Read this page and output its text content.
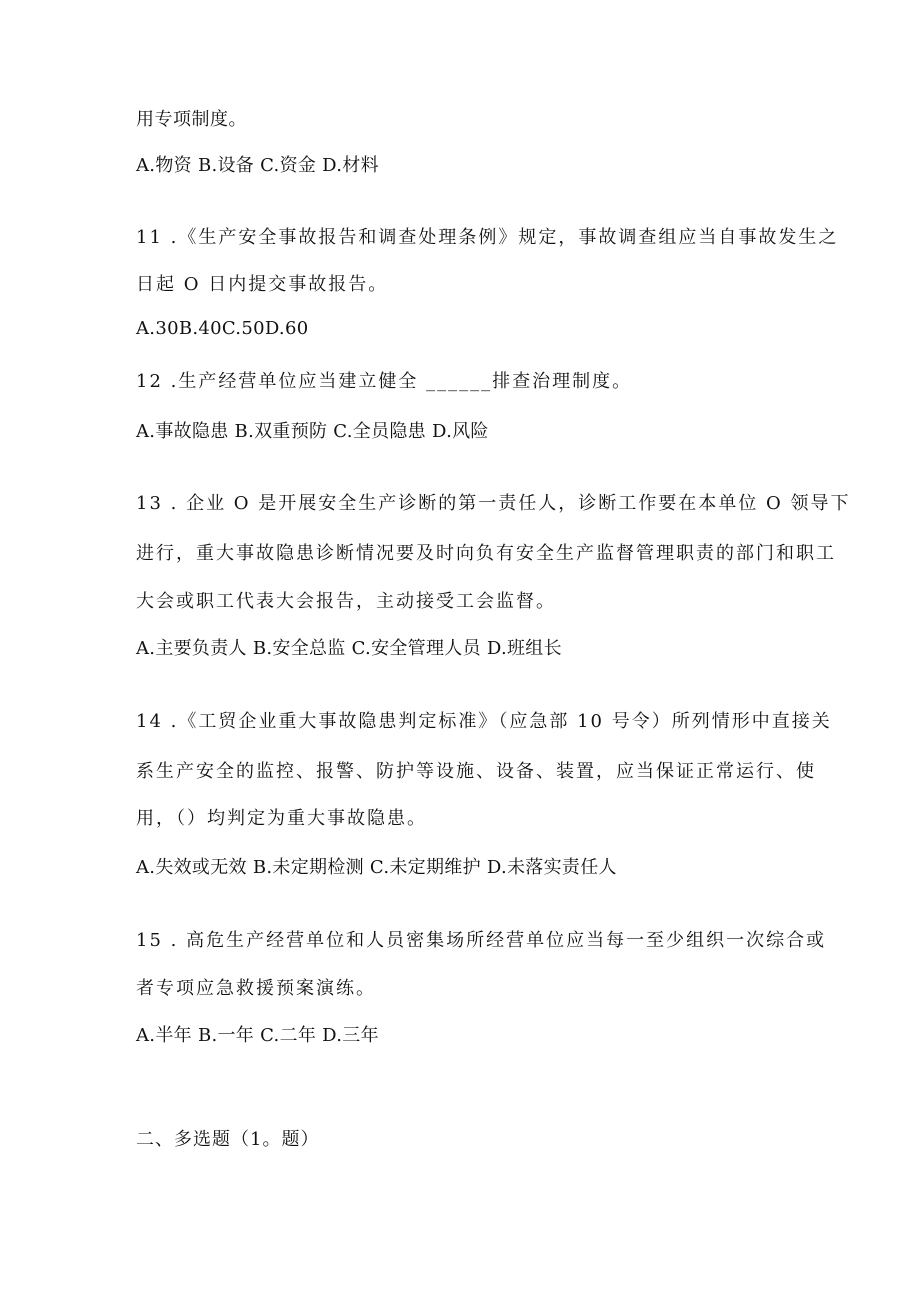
用专项制度。
A.物资 B.设备 C.资金 D.材料
11 .《生产安全事故报告和调查处理条例》规定，事故调查组应当自事故发生之
日起 O 日内提交事故报告。
A.30B.40C.50D.60
12 .生产经营单位应当建立健全 ______排查治理制度。
A.事故隐患 B.双重预防 C.全员隐患 D.风险
13 . 企业 O 是开展安全生产诊断的第一责任人，诊断工作要在本单位 O 领导下
进行，重大事故隐患诊断情况要及时向负有安全生产监督管理职责的部门和职工
大会或职工代表大会报告，主动接受工会监督。
A.主要负责人 B.安全总监 C.安全管理人员 D.班组长
14 .《工贸企业重大事故隐患判定标准》（应急部 10 号令）所列情形中直接关
系生产安全的监控、报警、防护等设施、设备、装置，应当保证正常运行、使
用，（）均判定为重大事故隐患。
A.失效或无效 B.未定期检测 C.未定期维护 D.未落实责任人
15 . 高危生产经营单位和人员密集场所经营单位应当每一至少组织一次综合或
者专项应急救援预案演练。
A.半年 B.一年 C.二年 D.三年
二、多选题（1。题）
